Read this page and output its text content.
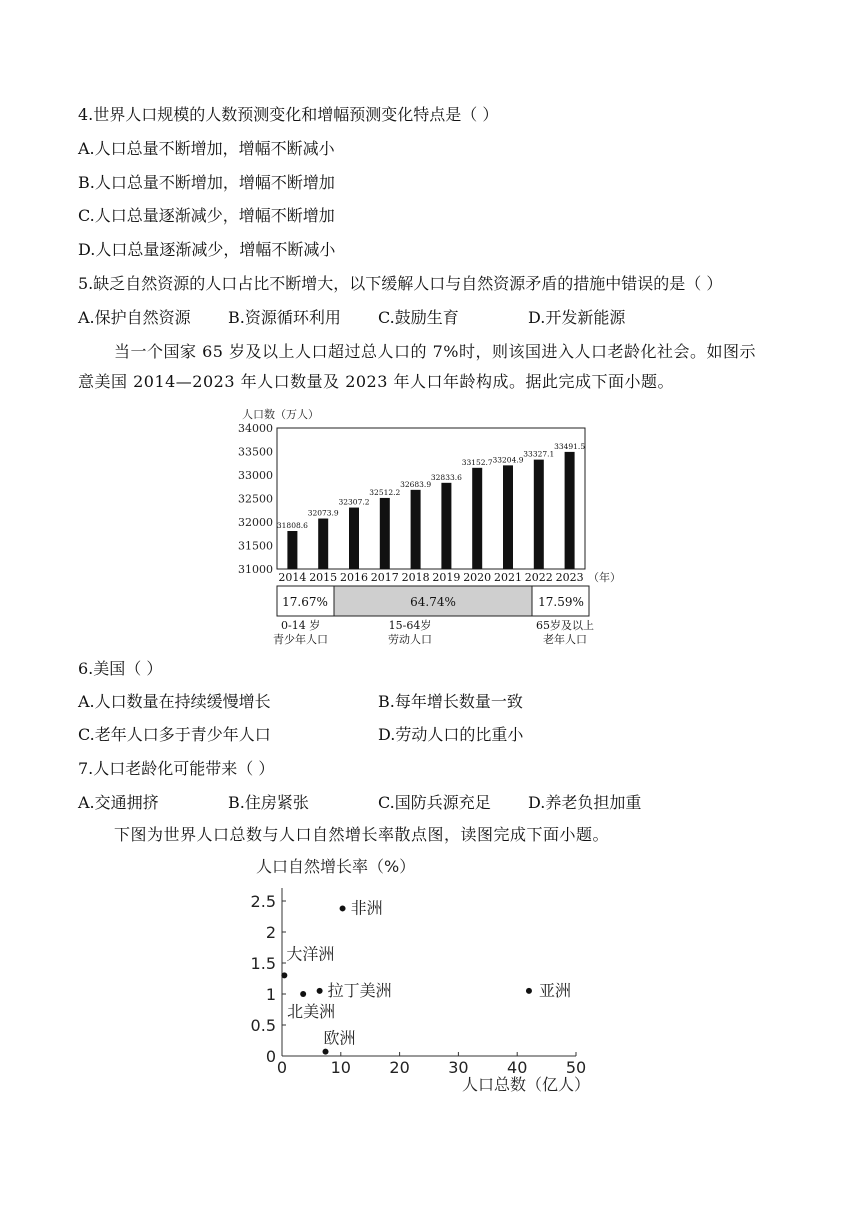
4.世界人口规模的人数预测变化和增幅预测变化特点是（ ）
A.人口总量不断增加，增幅不断减小
B.人口总量不断增加，增幅不断增加
C.人口总量逐渐减少，增幅不断增加
D.人口总量逐渐减少，增幅不断减小
5.缺乏自然资源的人口占比不断增大，以下缓解人口与自然资源矛盾的措施中错误的是（ ）
A.保护自然资源 B.资源循环利用 C.鼓励生育	D.开发新能源
当一个国家 65 岁及以上人口超过总人口的 7%时，则该国进入人口老龄化社会。如图示意美国 2014—2023 年人口数量及 2023 年人口年龄构成。据此完成下面小题。
人口数（万人）
31000
31500
32000
32500
33000
33500
34000
31808.6
32073.9
32307.2
32512.2
32683.9
32833.6
33152.7 33204.9
33327.1
33491.5
2014 2015 2016 2017 2018 2019 2020 2021 2022 2023 （年）
17.67%	64.74%	17.59%
0-14 岁
青少年人口
15-64岁
劳动人口
65岁及以上
老年人口
6.美国（ ）
A.人口数量在持续缓慢增长	B.每年增长数量一致
C.老年人口多于青少年人口	D.劳动人口的比重小
7.人口老龄化可能带来（ ）
A.交通拥挤	B.住房紧张	C.国防兵源充足 D.养老负担加重
下图为世界人口总数与人口自然增长率散点图，读图完成下面小题。
人口自然增长率（%）
0
0.5
1
1.5
2
2.5
0	10 20 30 40 50
非洲
大洋洲
北美洲
拉丁美洲	亚洲
欧洲
人口总数（亿人）
